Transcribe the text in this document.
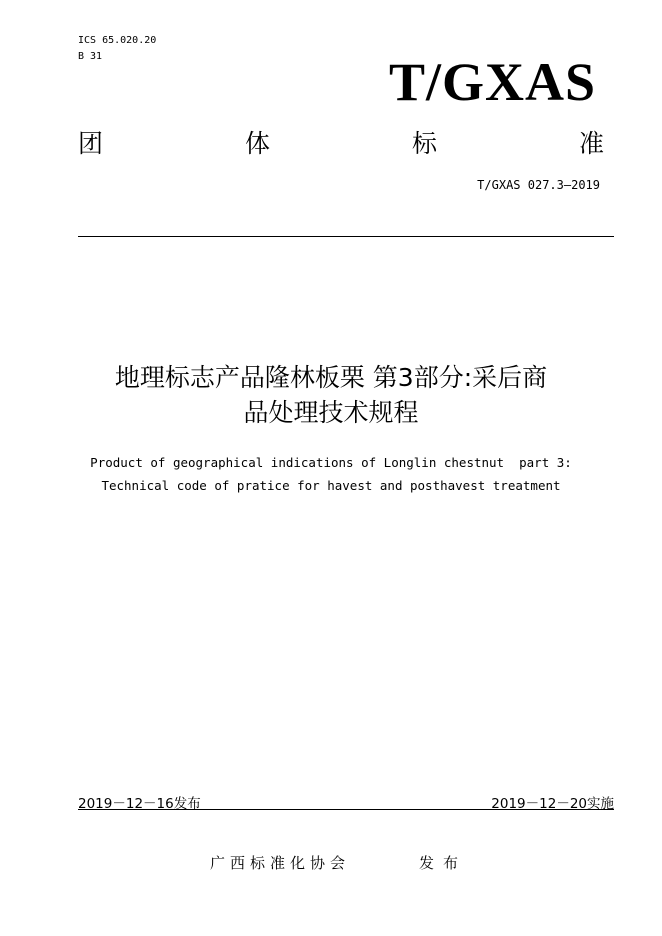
ICS 65.020.20
B 31	T/GXAS
团	体	标	准
T/GXAS 027.3—2019
地理标志产品隆林板栗 第3部分:采后商
品处理技术规程
Product of geographical indications of Longlin chestnut  part 3:
Technical code of pratice for havest and posthavest treatment
2019－12－16发布	2019－12－20实施
广西标准化协会	发布
